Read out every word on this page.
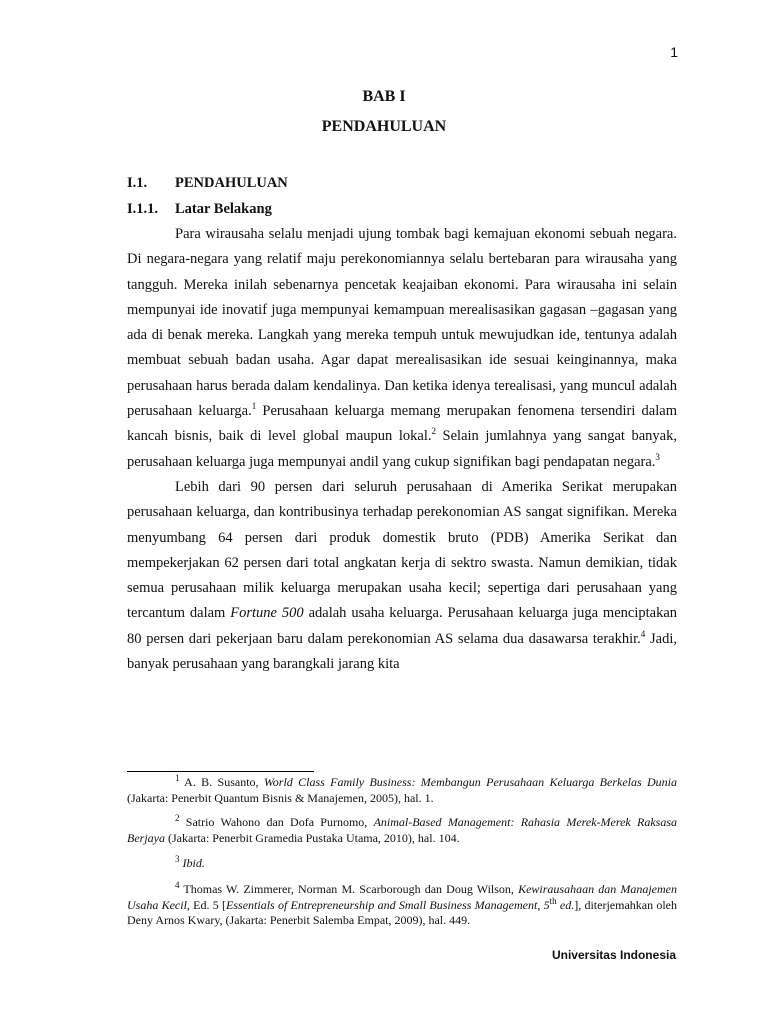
1
BAB I
PENDAHULUAN
I.1. PENDAHULUAN
I.1.1. Latar Belakang

Para wirausaha selalu menjadi ujung tombak bagi kemajuan ekonomi sebuah negara. Di negara-negara yang relatif maju perekonomiannya selalu bertebaran para wirausaha yang tangguh. Mereka inilah sebenarnya pencetak keajaiban ekonomi. Para wirausaha ini selain mempunyai ide inovatif juga mempunyai kemampuan merealisasikan gagasan –gagasan yang ada di benak mereka. Langkah yang mereka tempuh untuk mewujudkan ide, tentunya adalah membuat sebuah badan usaha. Agar dapat merealisasikan ide sesuai keinginannya, maka perusahaan harus berada dalam kendalinya. Dan ketika idenya terealisasi, yang muncul adalah perusahaan keluarga.$^1$ Perusahaan keluarga memang merupakan fenomena tersendiri dalam kancah bisnis, baik di level global maupun lokal.$^2$ Selain jumlahnya yang sangat banyak, perusahaan keluarga juga mempunyai andil yang cukup signifikan bagi pendapatan negara.$^3$

Lebih dari 90 persen dari seluruh perusahaan di Amerika Serikat merupakan perusahaan keluarga, dan kontribusinya terhadap perekonomian AS sangat signifikan. Mereka menyumbang 64 persen dari produk domestik bruto (PDB) Amerika Serikat dan mempekerjakan 62 persen dari total angkatan kerja di sektro swasta. Namun demikian, tidak semua perusahaan milik keluarga merupakan usaha kecil; sepertiga dari perusahaan yang tercantum dalam Fortune 500 adalah usaha keluarga. Perusahaan keluarga juga menciptakan 80 persen dari pekerjaan baru dalam perekonomian AS selama dua dasawarsa terakhir.$^4$ Jadi, banyak perusahaan yang barangkali jarang kita

$^1$ A. B. Susanto, World Class Family Business: Membangun Perusahaan Keluarga Berkelas Dunia (Jakarta: Penerbit Quantum Bisnis & Manajemen, 2005), hal. 1.

$^2$ Satrio Wahono dan Dofa Purnomo, Animal-Based Management: Rahasia Merek-Merek Raksasa Berjaya (Jakarta: Penerbit Gramedia Pustaka Utama, 2010), hal. 104.

$^3$ Ibid.

$^4$ Thomas W. Zimmerer, Norman M. Scarborough dan Doug Wilson, Kewirausahaan dan Manajemen Usaha Kecil, Ed. 5 [Essentials of Entrepreneurship and Small Business Management, 5th ed.], diterjemahkan oleh Deny Arnos Kwary, (Jakarta: Penerbit Salemba Empat, 2009), hal. 449.

Universitas Indonesia
